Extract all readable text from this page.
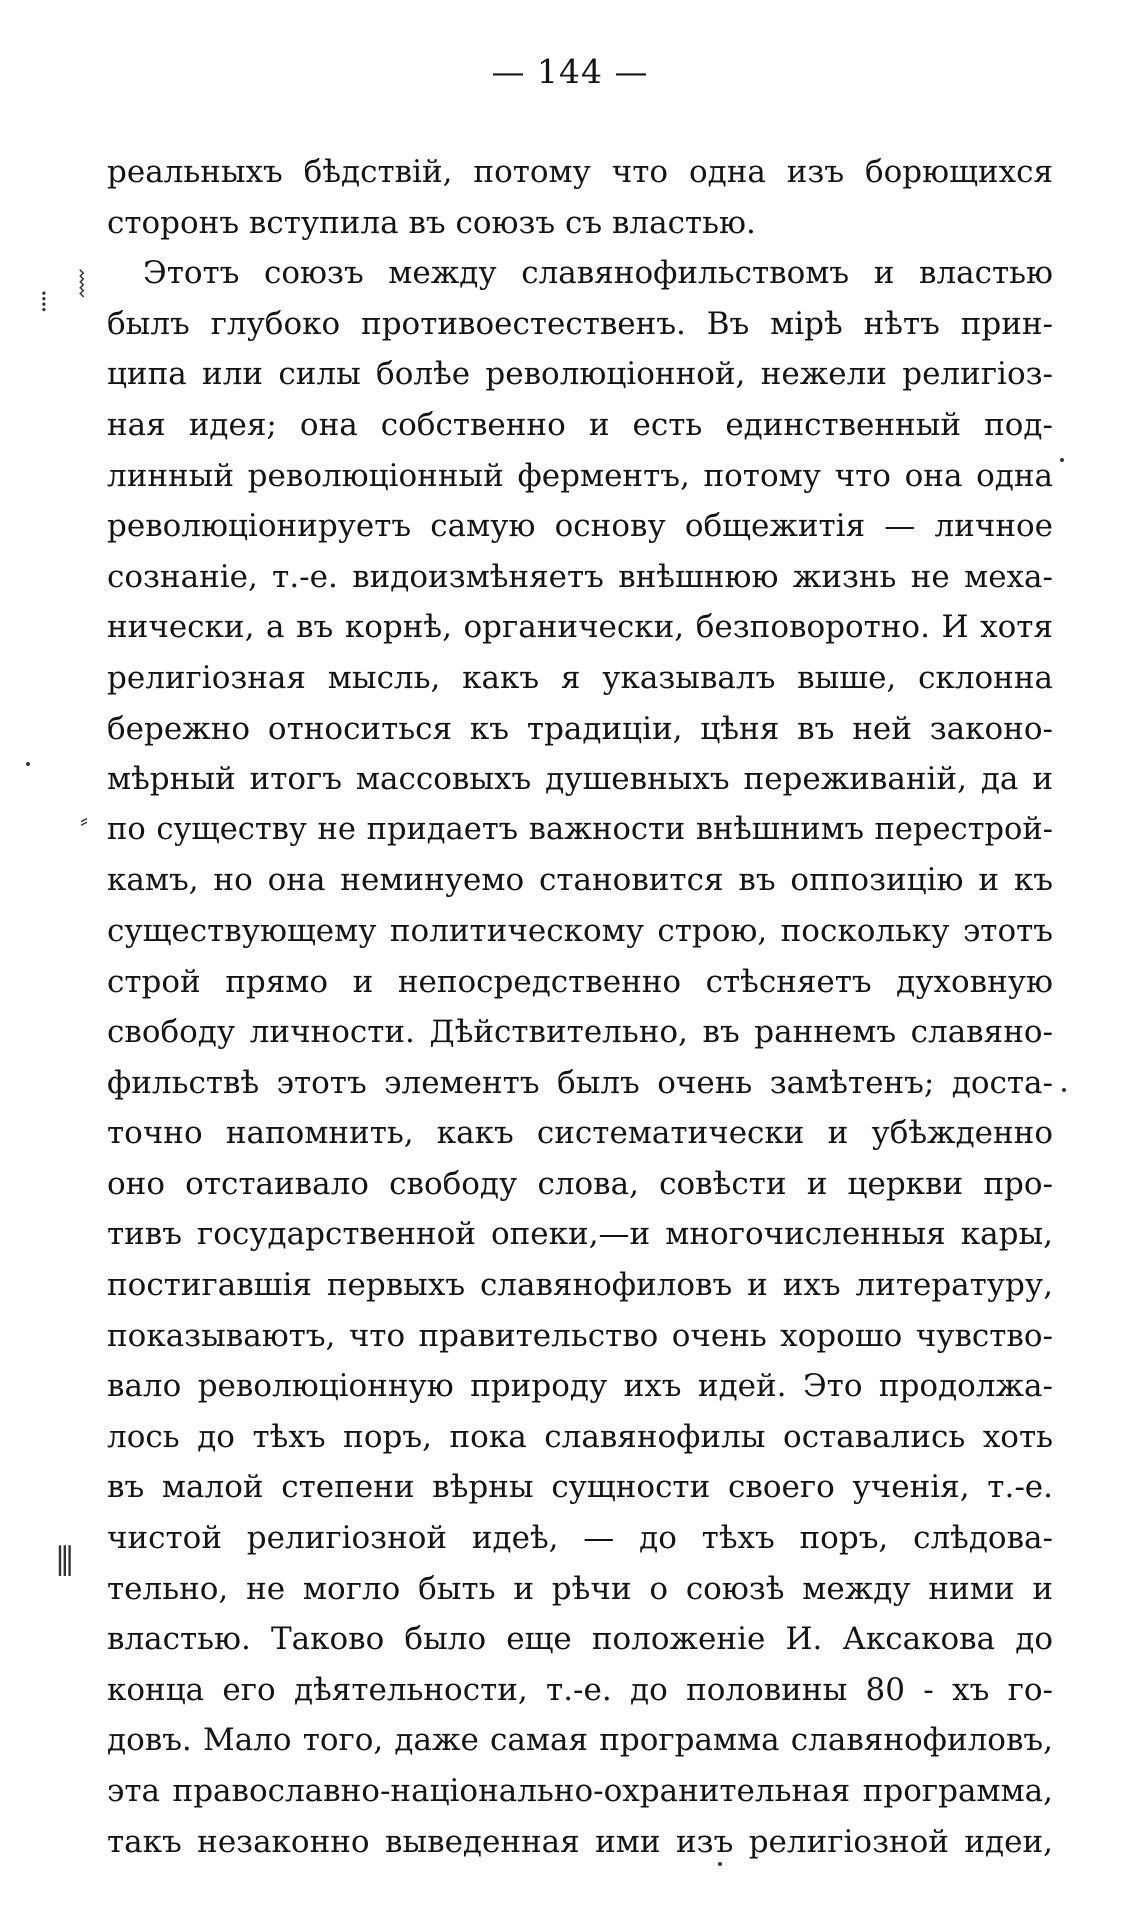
— 144 —
реальныхъ бѣдствій, потому что одна изъ борющихся
сторонъ вступила въ союзъ съ властью.
Этотъ союзъ между славянофильствомъ и властью
былъ глубоко противоестественъ. Въ мірѣ нѣтъ прин-
ципа или силы болѣе революціонной, нежели религіоз-
ная идея; она собственно и есть единственный под-
линный революціонный ферментъ, потому что она одна
революціонируетъ самую основу общежитія — личное
сознаніе, т.-е. видоизмѣняетъ внѣшнюю жизнь не меха-
нически, а въ корнѣ, органически, безповоротно. И хотя
религіозная мысль, какъ я указывалъ выше, склонна
бережно относиться къ традиціи, цѣня въ ней законо-
мѣрный итогъ массовыхъ душевныхъ переживаній, да и
по существу не придаетъ важности внѣшнимъ перестрой-
камъ, но она неминуемо становится въ оппозицію и къ
существующему политическому строю, поскольку этотъ
строй прямо и непосредственно стѣсняетъ духовную
свободу личности. Дѣйствительно, въ раннемъ славяно-
фильствѣ этотъ элементъ былъ очень замѣтенъ; доста-
точно напомнить, какъ систематически и убѣжденно
оно отстаивало свободу слова, совѣсти и церкви про-
тивъ государственной опеки,—и многочисленныя кары,
постигавшія первыхъ славянофиловъ и ихъ литературу,
показываютъ, что правительство очень хорошо чувство-
вало революціонную природу ихъ идей. Это продолжа-
лось до тѣхъ поръ, пока славянофилы оставались хоть
въ малой степени вѣрны сущности своего ученія, т.-е.
чистой религіозной идеѣ, — до тѣхъ поръ, слѣдова-
тельно, не могло быть и рѣчи о союзѣ между ними и
властью. Таково было еще положеніе И. Аксакова до
конца его дѣятельности, т.-е. до половины 80 - хъ го-
довъ. Мало того, даже самая программа славянофиловъ,
эта православно-національно-охранительная программа,
такъ незаконно выведенная ими изъ религіозной идеи,
⁞ ⦚
⸗
⦀
